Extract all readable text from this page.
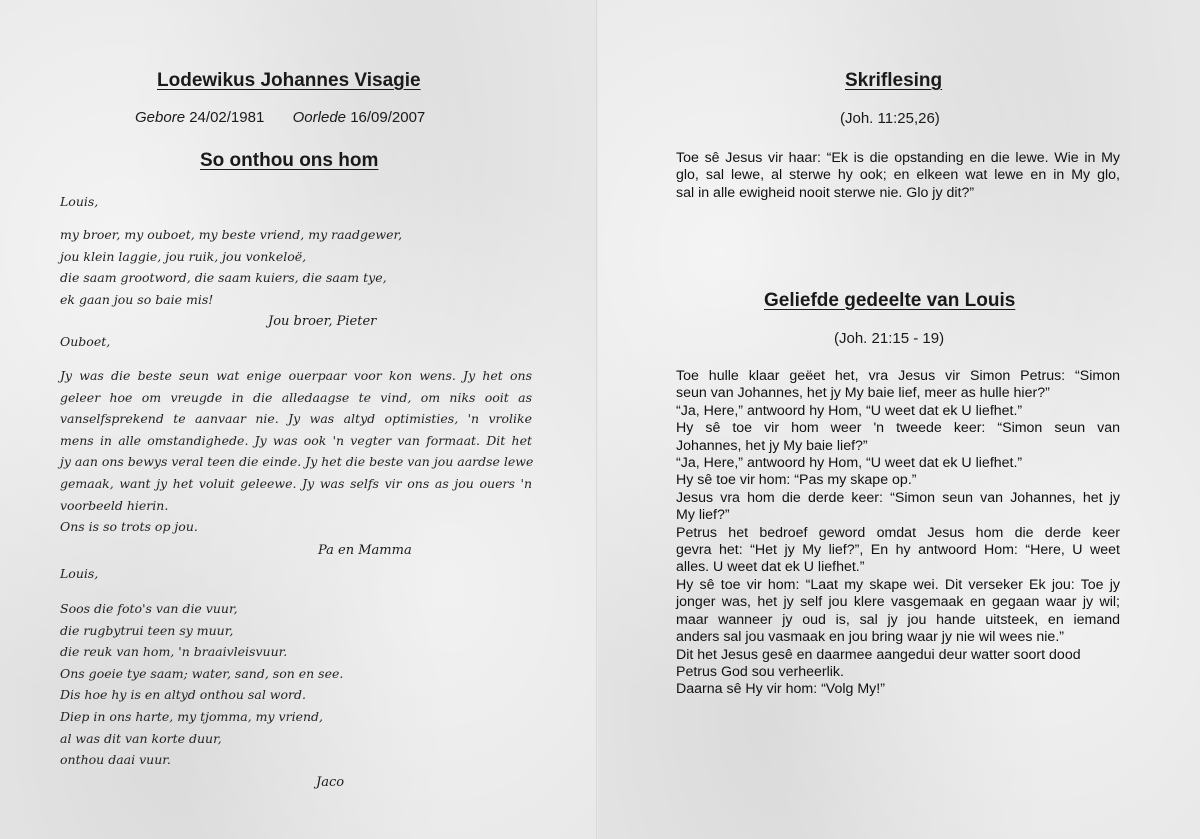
Lodewikus Johannes Visagie
Gebore 24/02/1981 Oorlede 16/09/2007
So onthou ons hom
Louis,
my broer, my ouboet, my beste vriend, my raadgewer,
jou klein laggie, jou ruik, jou vonkeloë,
die saam grootword, die saam kuiers, die saam tye,
ek gaan jou so baie mis!
Jou broer, Pieter
Ouboet,
Jy was die beste seun wat enige ouerpaar voor kon wens. Jy het ons
geleer hoe om vreugde in die alledaagse te vind, om niks ooit as
vanselfsprekend te aanvaar nie. Jy was altyd optimisties, 'n vrolike
mens in alle omstandighede. Jy was ook 'n vegter van formaat. Dit het
jy aan ons bewys veral teen die einde. Jy het die beste van jou aardse lewe
gemaak, want jy het voluit geleewe. Jy was selfs vir ons as jou ouers 'n
voorbeeld hierin.
Ons is so trots op jou.
Pa en Mamma
Louis,
Soos die foto's van die vuur,
die rugbytrui teen sy muur,
die reuk van hom, 'n braaivleisvuur.
Ons goeie tye saam; water, sand, son en see.
Dis hoe hy is en altyd onthou sal word.
Diep in ons harte, my tjomma, my vriend,
al was dit van korte duur,
onthou daai vuur.
Jaco
Skriflesing
(Joh. 11:25,26)
Toe sê Jesus vir haar: “Ek is die opstanding en die lewe. Wie in My
glo, sal lewe, al sterwe hy ook; en elkeen wat lewe en in My glo,
sal in alle ewigheid nooit sterwe nie. Glo jy dit?”
Geliefde gedeelte van Louis
(Joh. 21:15 - 19)
Toe hulle klaar geëet het, vra Jesus vir Simon Petrus: “Simon
seun van Johannes, het jy My baie lief, meer as hulle hier?”
“Ja, Here,” antwoord hy Hom, “U weet dat ek U liefhet.”
Hy sê toe vir hom weer 'n tweede keer: “Simon seun van
Johannes, het jy My baie lief?”
“Ja, Here,” antwoord hy Hom, “U weet dat ek U liefhet.”
Hy sê toe vir hom: “Pas my skape op.”
Jesus vra hom die derde keer: “Simon seun van Johannes, het jy
My lief?”
Petrus het bedroef geword omdat Jesus hom die derde keer
gevra het: “Het jy My lief?”, En hy antwoord Hom: “Here, U weet
alles. U weet dat ek U liefhet.”
Hy sê toe vir hom: “Laat my skape wei. Dit verseker Ek jou: Toe jy
jonger was, het jy self jou klere vasgemaak en gegaan waar jy wil;
maar wanneer jy oud is, sal jy jou hande uitsteek, en iemand
anders sal jou vasmaak en jou bring waar jy nie wil wees nie.”
Dit het Jesus gesê en daarmee aangedui deur watter soort dood
Petrus God sou verheerlik.
Daarna sê Hy vir hom: “Volg My!”
